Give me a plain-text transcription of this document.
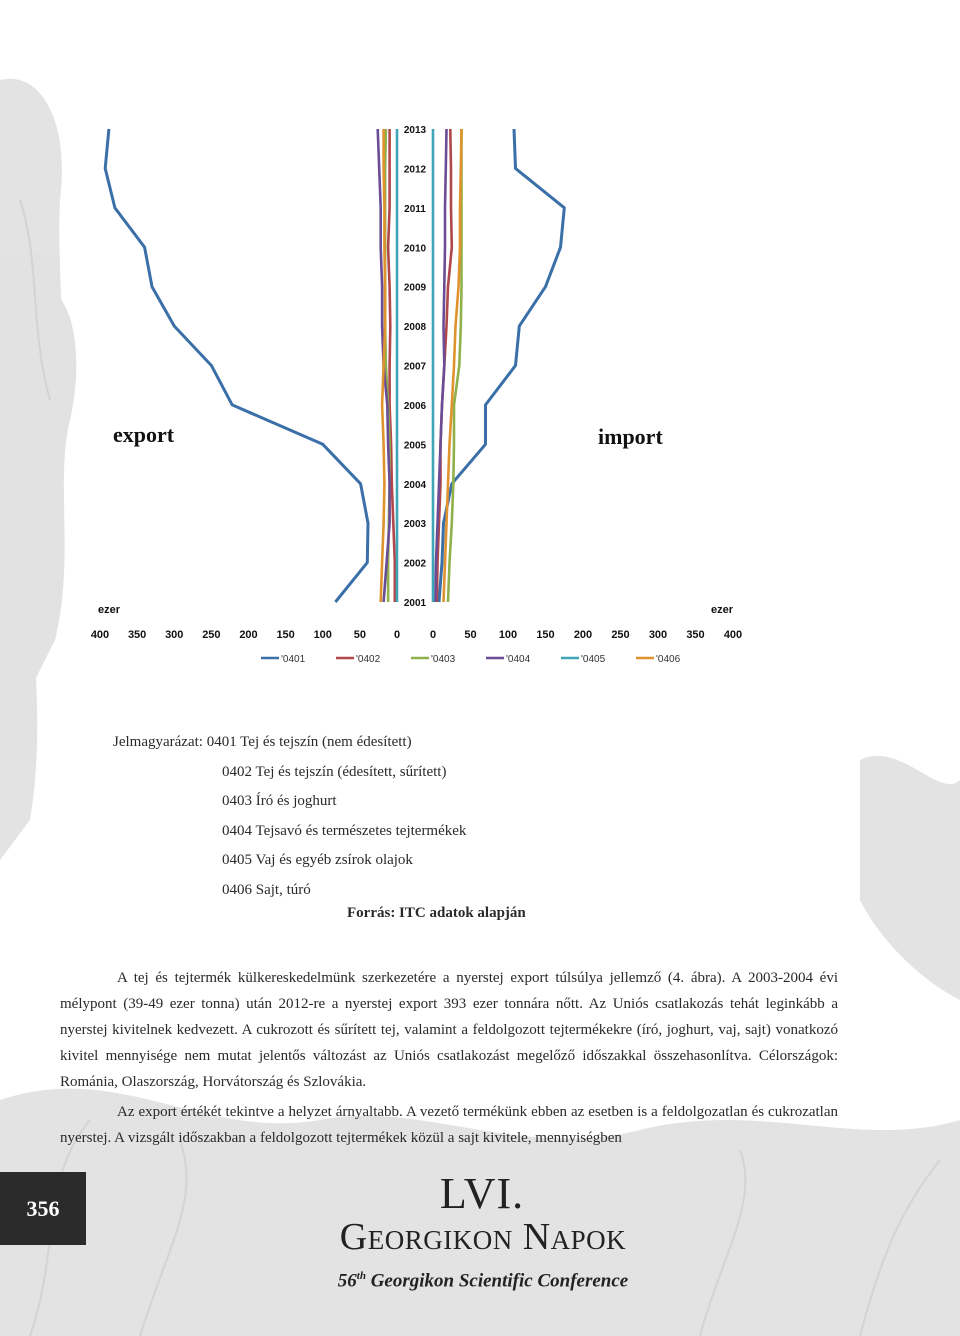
2001
2002
2003
2004
2005
2006
2007
2008
2009
2010
2011
2012
2013
400 350 300 250 200 150 100 50	0	0	50 100 150 200 250 300 350 400
'0401	'0402	'0403	'0404	'0405	'0406
export	import
ezer	ezer
Jelmagyarázat: 0401 Tej és tejszín (nem édesített)
0402 Tej és tejszín (édesített, sűrített)
0403 Író és joghurt
0404 Tejsavó és természetes tejtermékek
0405 Vaj és egyéb zsírok olajok
0406 Sajt, túró
Forrás: ITC adatok alapján

A tej és tejtermék külkereskedelmünk szerkezetére a nyerstej export túlsúlya jellemző (4. ábra). A 2003-2004 évi mélypont (39-49 ezer tonna) után 2012-re a nyerstej export 393 ezer tonnára nőtt. Az Uniós csatlakozás tehát leginkább a nyerstej kivitelnek kedvezett. A cukrozott és sűrített tej, valamint a feldolgozott tejtermékekre (író, joghurt, vaj, sajt) vonatkozó kivitel mennyisége nem mutat jelentős változást az Uniós csatlakozást megelőző időszakkal összehasonlítva. Célországok: Románia, Olaszország, Horvátország és Szlovákia.

Az export értékét tekintve a helyzet árnyaltabb. A vezető termékünk ebben az esetben is a feldolgozatlan és cukrozatlan nyerstej. A vizsgált időszakban a feldolgozott tejtermékek közül a sajt kivitele, mennyiségben

356	LVI.
Georgikon Napok
56th Georgikon Scientific Conference
